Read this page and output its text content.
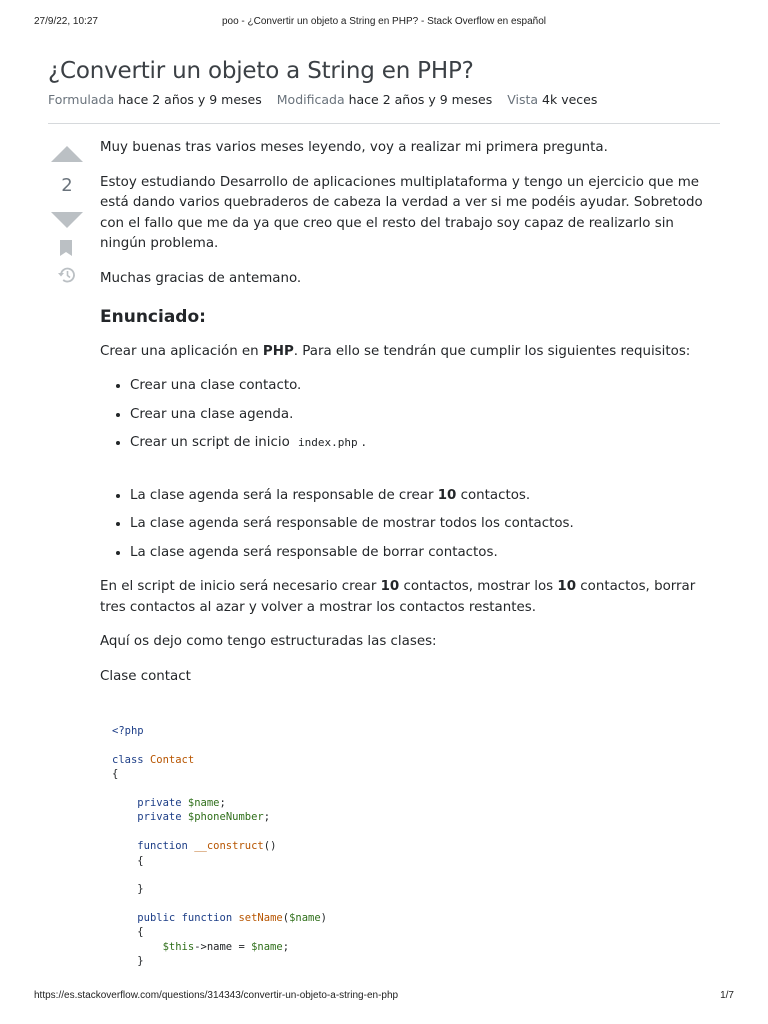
27/9/22, 10:27	poo - ¿Convertir un objeto a String en PHP? - Stack Overflow en español
¿Convertir un objeto a String en PHP?
Formulada hace 2 años y 9 meses Modificada hace 2 años y 9 meses Vista 4k veces
2

Muy buenas tras varios meses leyendo, voy a realizar mi primera pregunta.

Estoy estudiando Desarrollo de aplicaciones multiplataforma y tengo un ejercicio que me está dando varios quebraderos de cabeza la verdad a ver si me podéis ayudar. Sobretodo con el fallo que me da ya que creo que el resto del trabajo soy capaz de realizarlo sin ningún problema.

Muchas gracias de antemano.

Enunciado:

Crear una aplicación en PHP. Para ello se tendrán que cumplir los siguientes requisitos:

• Crear una clase contacto.
• Crear una clase agenda.
• Crear un script de inicio index.php .
• La clase agenda será la responsable de crear 10 contactos.
• La clase agenda será responsable de mostrar todos los contactos.
• La clase agenda será responsable de borrar contactos.

En el script de inicio será necesario crear 10 contactos, mostrar los 10 contactos, borrar tres contactos al azar y volver a mostrar los contactos restantes.

Aquí os dejo como tengo estructuradas las clases:

Clase contact

<?php
class Contact
{
private $name;
private $phoneNumber;
function __construct()
{
}
public function setName($name)
{
$this->name = $name;
}
https://es.stackoverflow.com/questions/314343/convertir-un-objeto-a-string-en-php	1/7
